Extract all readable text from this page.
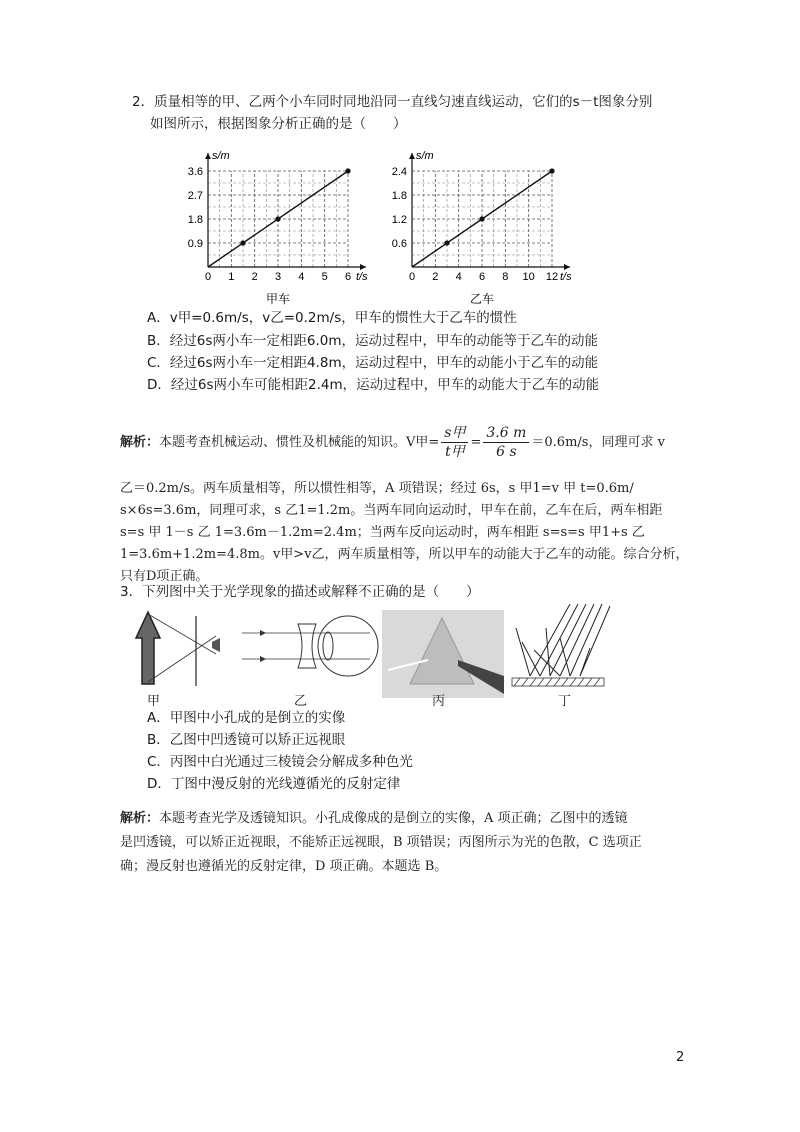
2．质量相等的甲、乙两个小车同时同地沿同一直线匀速直线运动，它们的s－t图象分别
如图所示，根据图象分析正确的是（　　）
0 1 2 3 4 5 6
0.9
1.8
2.7
3.6
t/s
s/m
甲车
0 2 4 6 8 10 12
0.6
1.2
1.8
2.4
t/s
s/m
乙车
A．v甲=0.6m/s，v乙=0.2m/s，甲车的惯性大于乙车的惯性
B．经过6s两小车一定相距6.0m，运动过程中，甲车的动能等于乙车的动能
C．经过6s两小车一定相距4.8m，运动过程中，甲车的动能小于乙车的动能
D．经过6s两小车可能相距2.4m，运动过程中，甲车的动能大于乙车的动能
解析：本题考查机械运动、惯性及机械能的知识。V甲= $\frac{\text{s甲}}{\text{t甲}} = \frac{3.6 m}{6 s} =0.6m/s$，同理可求 v
乙＝0.2m/s。两车质量相等，所以惯性相等，A 项错误；经过 6s，s 甲1=v 甲 t=0.6m/
s×6s=3.6m，同理可求，s 乙1=1.2m。当两车同向运动时，甲车在前，乙车在后，两车相距
s=s 甲 1－s 乙 1=3.6m－1.2m=2.4m；当两车反向运动时，两车相距 s=s=s 甲1+s 乙
1=3.6m+1.2m=4.8m。v甲>v乙，两车质量相等，所以甲车的动能大于乙车的动能。综合分析，
只有D项正确。
3．下列图中关于光学现象的描述或解释不正确的是（　　）
甲	乙	丙	丁
A．甲图中小孔成的是倒立的实像
B．乙图中凹透镜可以矫正远视眼
C．丙图中白光通过三棱镜会分解成多种色光
D．丁图中漫反射的光线遵循光的反射定律
解析：本题考查光学及透镜知识。小孔成像成的是倒立的实像，A 项正确；乙图中的透镜
是凹透镜，可以矫正近视眼，不能矫正远视眼，B 项错误；丙图所示为光的色散，C 选项正
确；漫反射也遵循光的反射定律，D 项正确。本题选 B。
2
